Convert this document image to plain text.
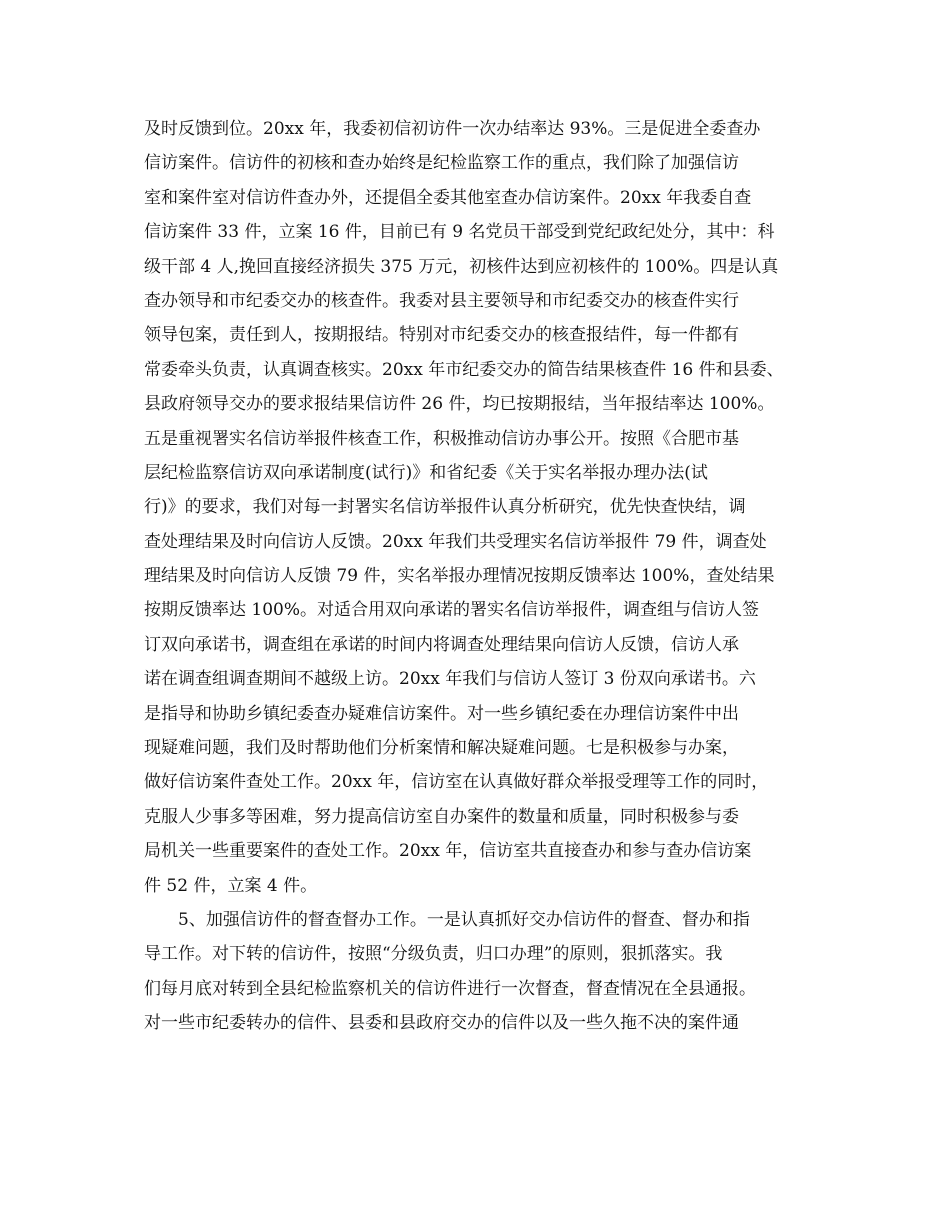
及时反馈到位。20xx 年，我委初信初访件一次办结率达 93%。三是促进全委查办
信访案件。信访件的初核和查办始终是纪检监察工作的重点，我们除了加强信访
室和案件室对信访件查办外，还提倡全委其他室查办信访案件。20xx 年我委自查
信访案件 33 件，立案 16 件，目前已有 9 名党员干部受到党纪政纪处分，其中：科
级干部 4 人,挽回直接经济损失 375 万元，初核件达到应初核件的 100%。四是认真
查办领导和市纪委交办的核查件。我委对县主要领导和市纪委交办的核查件实行
领导包案，责任到人，按期报结。特别对市纪委交办的核查报结件，每一件都有
常委牵头负责，认真调查核实。20xx 年市纪委交办的简告结果核查件 16 件和县委、
县政府领导交办的要求报结果信访件 26 件，均已按期报结，当年报结率达 100%。
五是重视署实名信访举报件核查工作，积极推动信访办事公开。按照《合肥市基
层纪检监察信访双向承诺制度(试行)》和省纪委《关于实名举报办理办法(试
行)》的要求，我们对每一封署实名信访举报件认真分析研究，优先快查快结，调
查处理结果及时向信访人反馈。20xx 年我们共受理实名信访举报件 79 件，调查处
理结果及时向信访人反馈 79 件，实名举报办理情况按期反馈率达 100%，查处结果
按期反馈率达 100%。对适合用双向承诺的署实名信访举报件，调查组与信访人签
订双向承诺书，调查组在承诺的时间内将调查处理结果向信访人反馈，信访人承
诺在调查组调查期间不越级上访。20xx 年我们与信访人签订 3 份双向承诺书。六
是指导和协助乡镇纪委查办疑难信访案件。对一些乡镇纪委在办理信访案件中出
现疑难问题，我们及时帮助他们分析案情和解决疑难问题。七是积极参与办案，
做好信访案件查处工作。20xx 年，信访室在认真做好群众举报受理等工作的同时，
克服人少事多等困难，努力提高信访室自办案件的数量和质量，同时积极参与委
局机关一些重要案件的查处工作。20xx 年，信访室共直接查办和参与查办信访案
件 52 件，立案 4 件。
5、加强信访件的督查督办工作。一是认真抓好交办信访件的督查、督办和指
导工作。对下转的信访件，按照“分级负责，归口办理”的原则，狠抓落实。我
们每月底对转到全县纪检监察机关的信访件进行一次督查，督查情况在全县通报。
对一些市纪委转办的信件、县委和县政府交办的信件以及一些久拖不决的案件通
